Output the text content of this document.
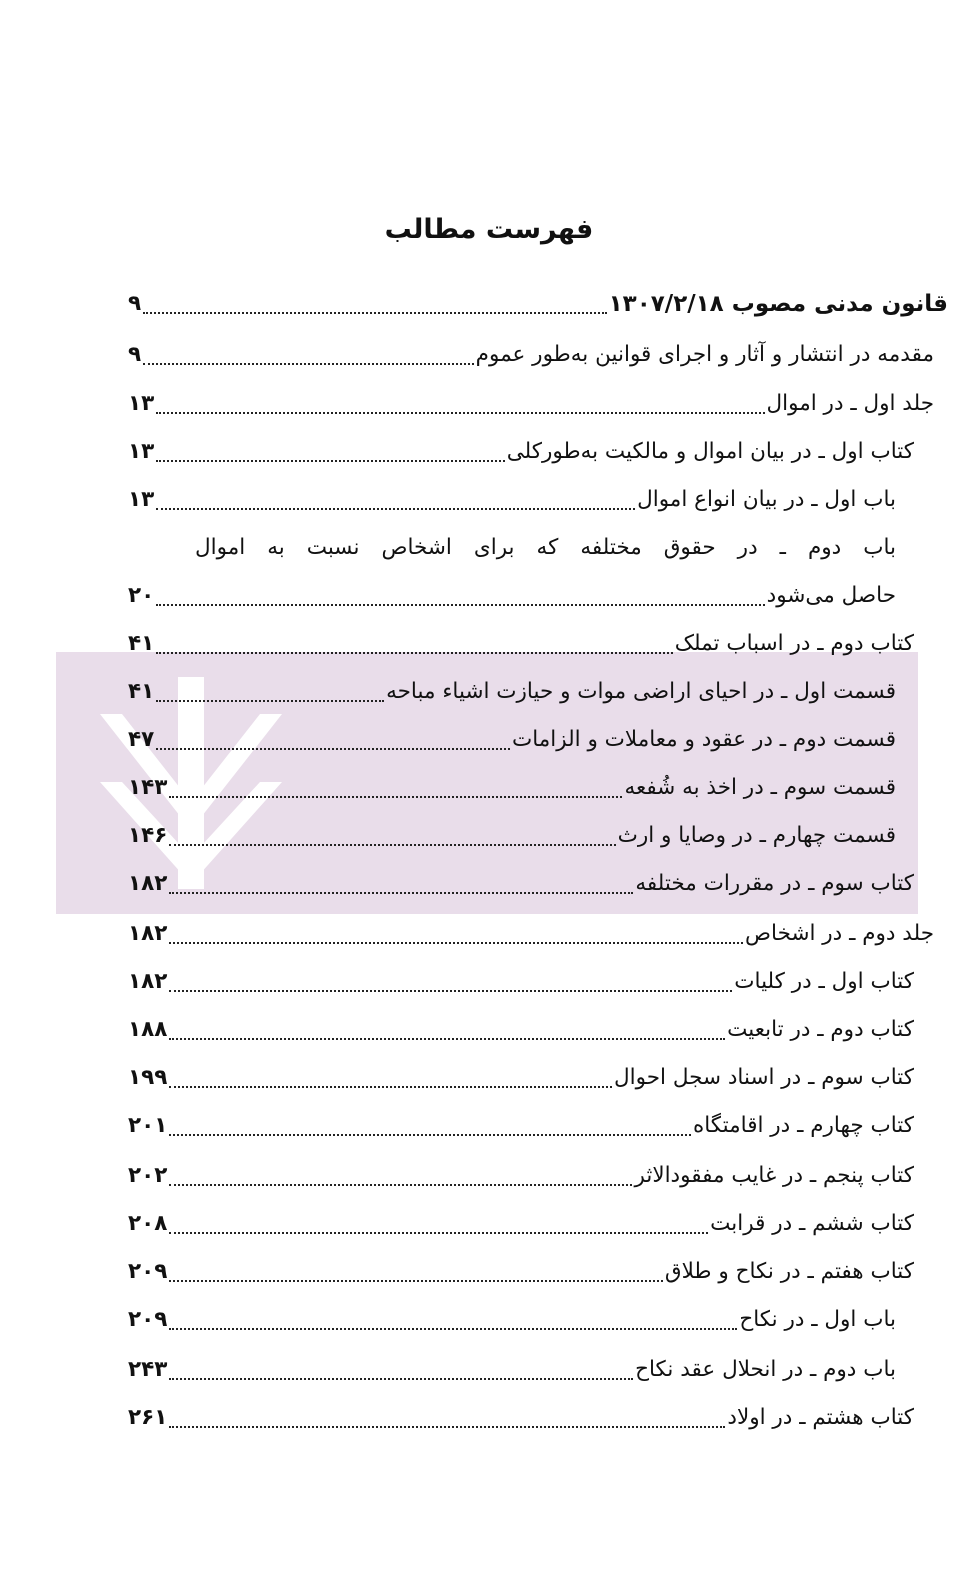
فهرست مطالب
قانون مدنی مصوب ۱۳۰۷/۲/۱۸
۹
مقدمه در انتشار و آثار و اجرای قوانین به‌طور عموم
۹
جلد اول ـ در اموال
۱۳
کتاب اول ـ در بیان اموال و مالکیت به‌طورکلی
۱۳
باب اول ـ در بیان انواع اموال
۱۳
باب دوم ـ در حقوق مختلفه که برای اشخاص نسبت به اموال
حاصل می‌شود
۲۰
کتاب دوم ـ در اسباب تملک
۴۱
قسمت اول ـ در احیای اراضی موات و حیازت اشیاء مباحه
۴۱
قسمت دوم ـ در عقود و معاملات و الزامات
۴۷
قسمت سوم ـ در اخذ به شُفعه
۱۴۳
قسمت چهارم ـ در وصایا و ارث
۱۴۶
کتاب سوم ـ در مقررات مختلفه
۱۸۲
جلد دوم ـ در اشخاص
۱۸۲
کتاب اول ـ در کلیات
۱۸۲
کتاب دوم ـ در تابعیت
۱۸۸
کتاب سوم ـ در اسناد سجل احوال
۱۹۹
کتاب چهارم ـ در اقامتگاه
۲۰۱
کتاب پنجم ـ در غایب مفقودالاثر
۲۰۲
کتاب ششم ـ در قرابت
۲۰۸
کتاب هفتم ـ در نکاح و طلاق
۲۰۹
باب اول ـ در نکاح
۲۰۹
باب دوم ـ در انحلال عقد نکاح
۲۴۳
کتاب هشتم ـ در اولاد
۲۶۱
